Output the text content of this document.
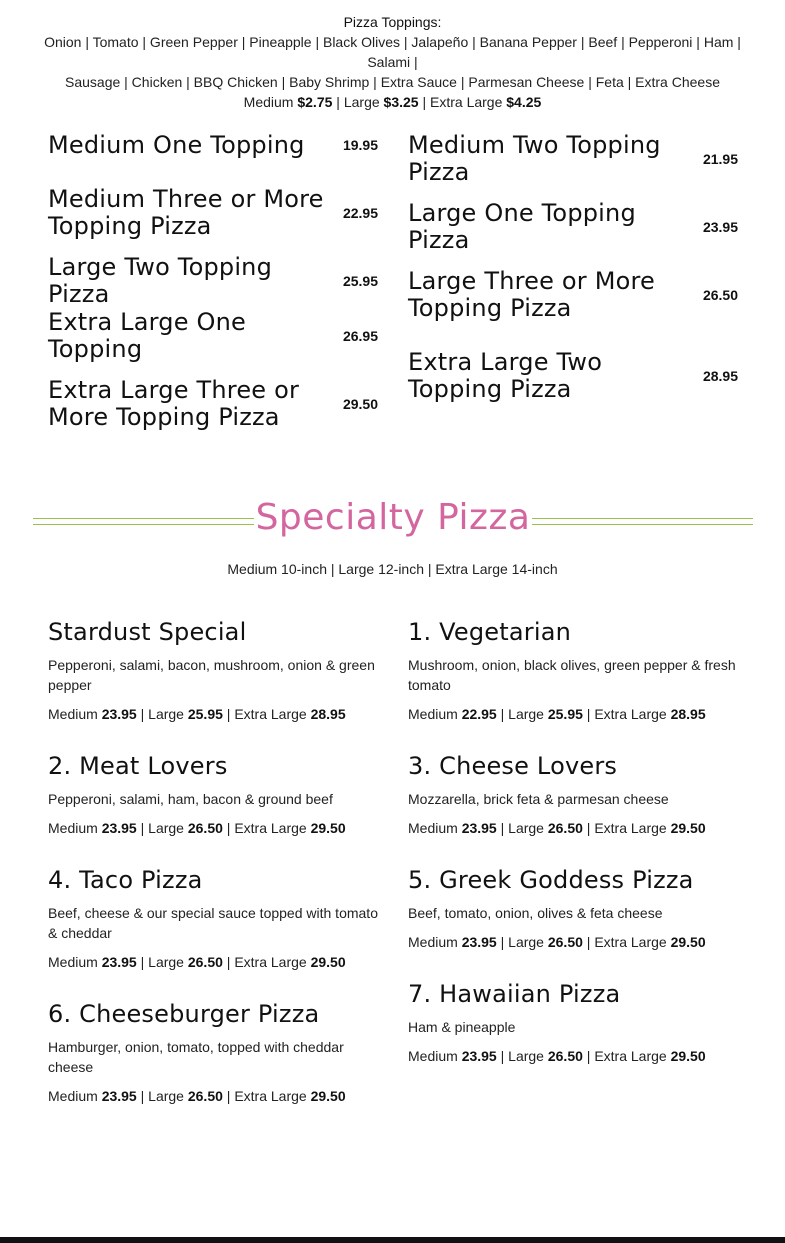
Pizza Toppings:
Onion | Tomato | Green Pepper | Pineapple | Black Olives | Jalapeño | Banana Pepper | Beef | Pepperoni | Ham | Salami |
Sausage | Chicken | BBQ Chicken | Baby Shrimp | Extra Sauce | Parmesan Cheese | Feta | Extra Cheese
Medium $2.75 | Large $3.25 | Extra Large $4.25
Medium One Topping	19.95
Medium Three or More Topping Pizza	22.95
Large Two Topping Pizza	25.95
Extra Large One Topping	26.95
Extra Large Three or More Topping Pizza	29.50
Medium Two Topping Pizza	21.95
Large One Topping Pizza	23.95
Large Three or More Topping Pizza	26.50
Extra Large Two Topping Pizza	28.95
Specialty Pizza
Medium 10-inch | Large 12-inch | Extra Large 14-inch
Stardust Special
Pepperoni, salami, bacon, mushroom, onion & green pepper
Medium 23.95 | Large 25.95 | Extra Large 28.95
2. Meat Lovers
Pepperoni, salami, ham, bacon & ground beef
Medium 23.95 | Large 26.50 | Extra Large 29.50
4. Taco Pizza
Beef, cheese & our special sauce topped with tomato & cheddar
Medium 23.95 | Large 26.50 | Extra Large 29.50
6. Cheeseburger Pizza
Hamburger, onion, tomato, topped with cheddar cheese
Medium 23.95 | Large 26.50 | Extra Large 29.50
1. Vegetarian
Mushroom, onion, black olives, green pepper & fresh tomato
Medium 22.95 | Large 25.95 | Extra Large 28.95
3. Cheese Lovers
Mozzarella, brick feta & parmesan cheese
Medium 23.95 | Large 26.50 | Extra Large 29.50
5. Greek Goddess Pizza
Beef, tomato, onion, olives & feta cheese
Medium 23.95 | Large 26.50 | Extra Large 29.50
7. Hawaiian Pizza
Ham & pineapple
Medium 23.95 | Large 26.50 | Extra Large 29.50
